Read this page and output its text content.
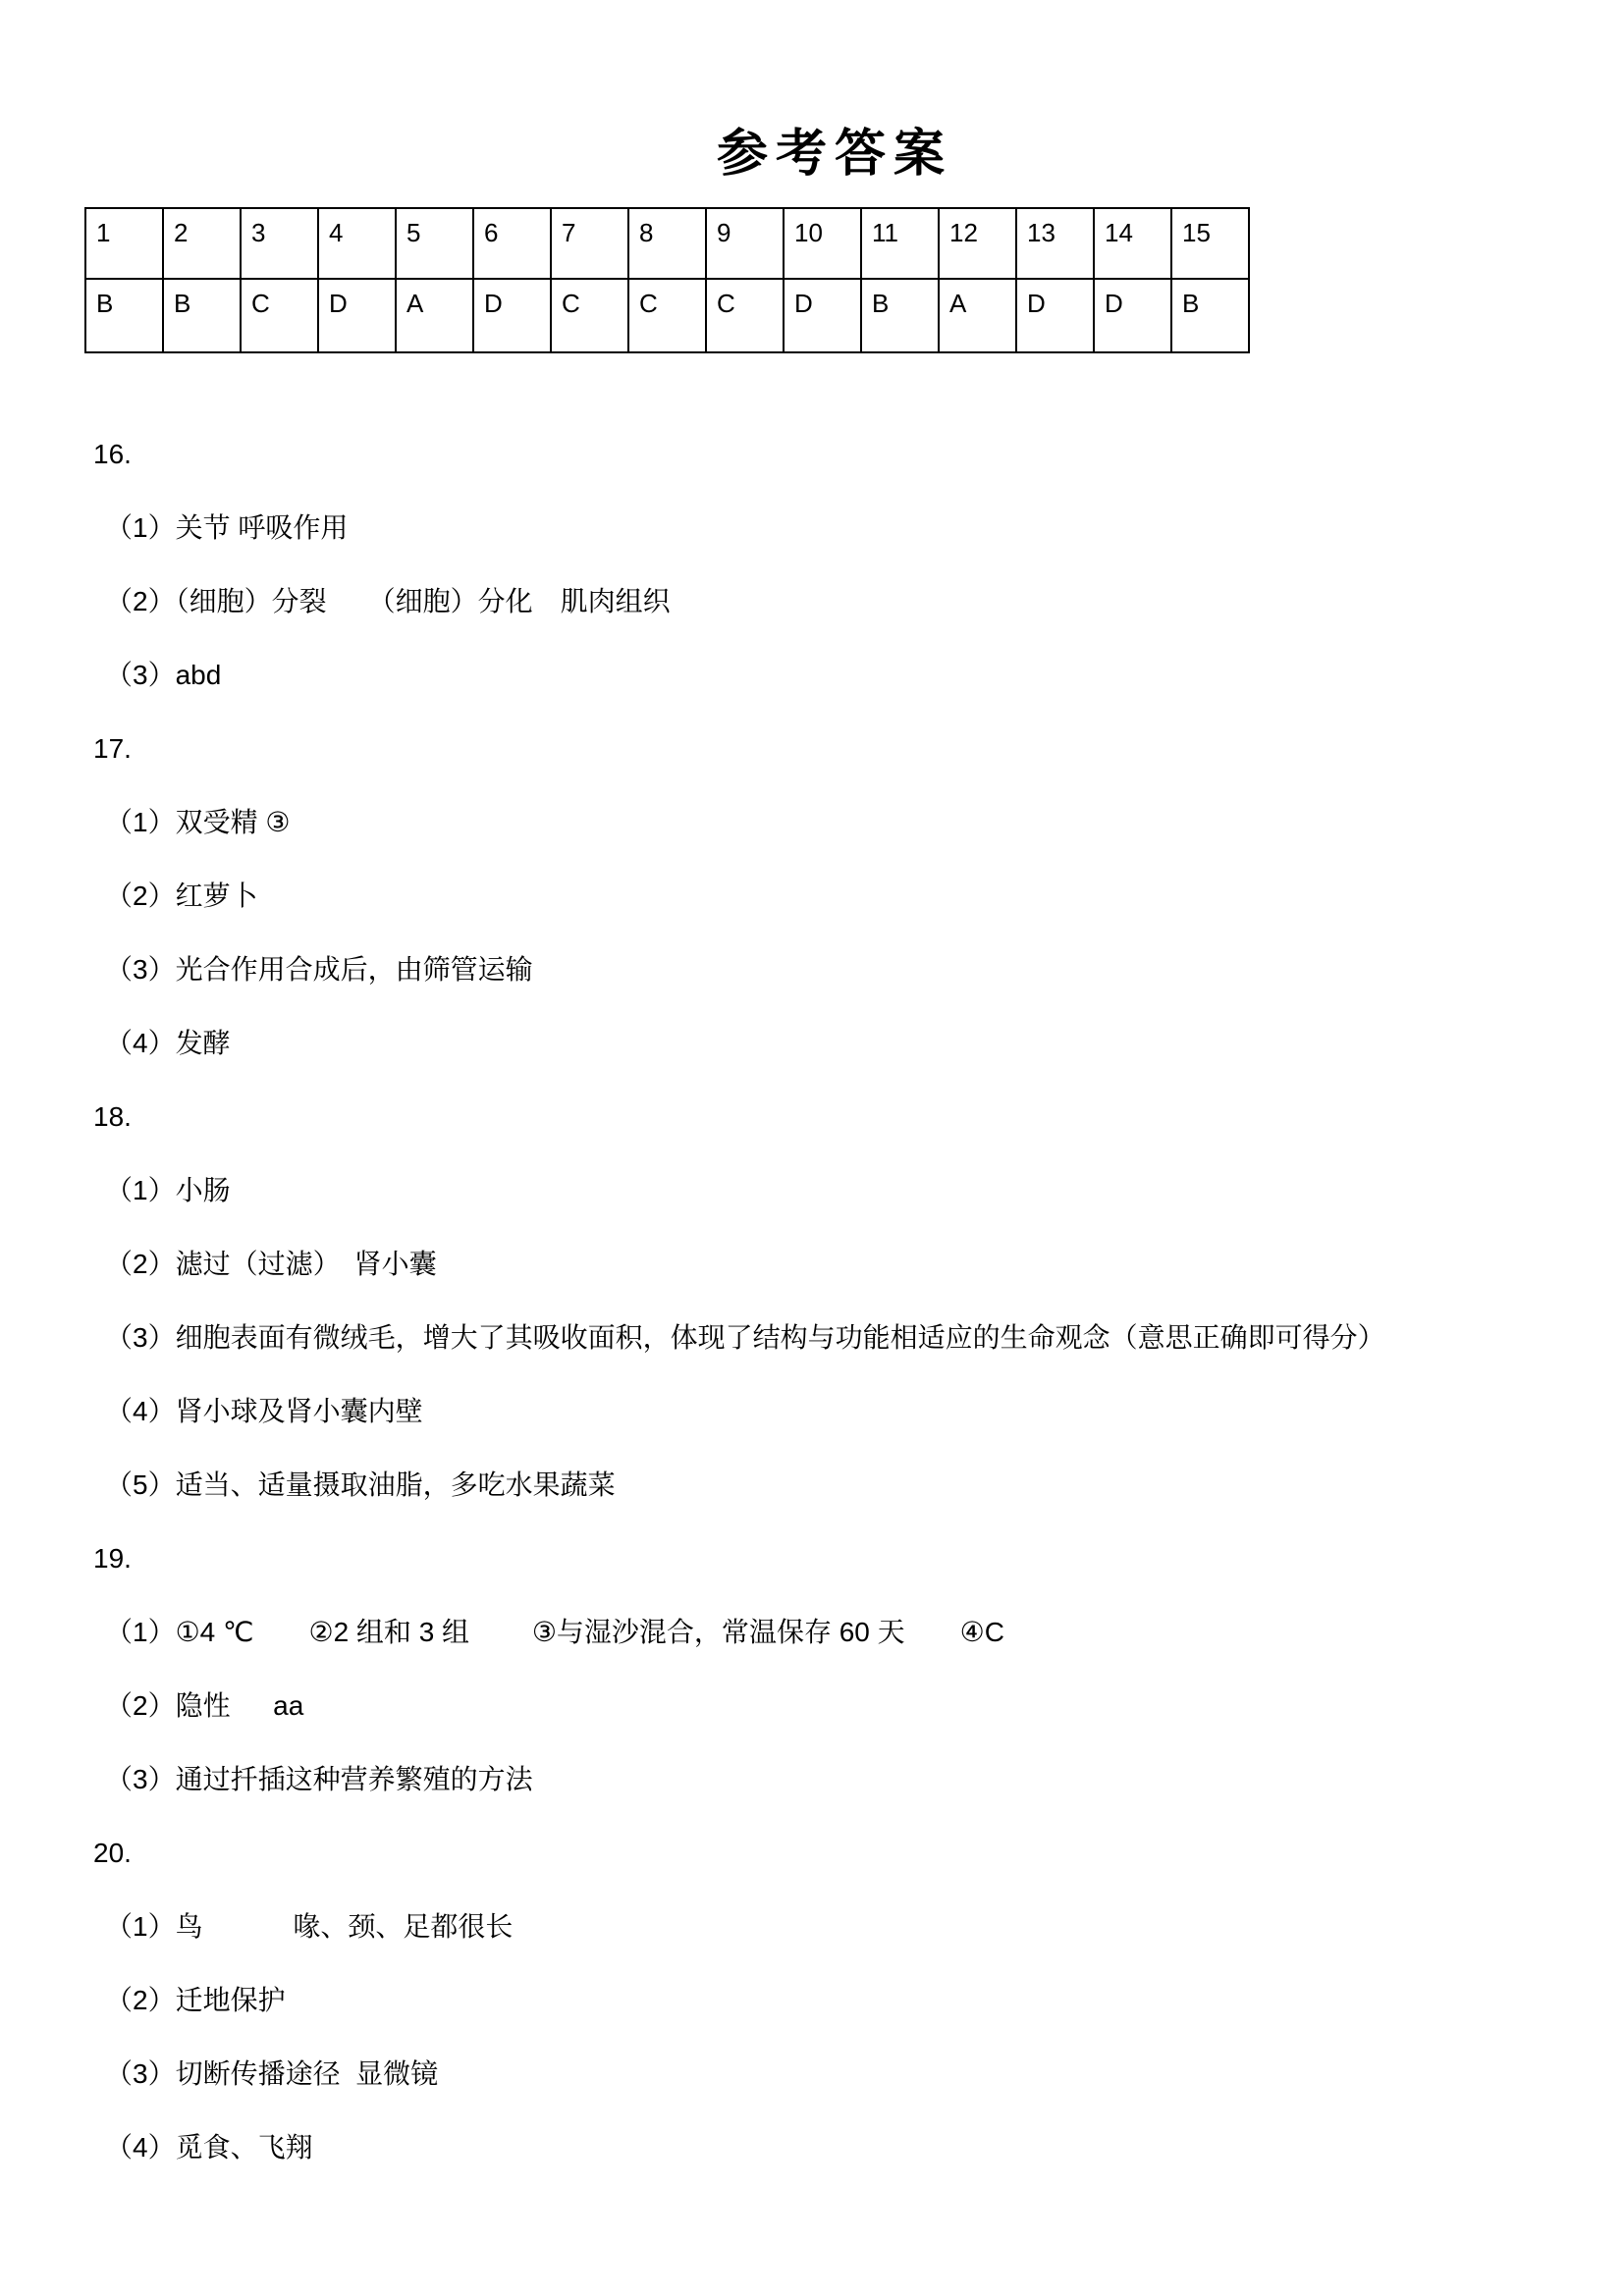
参考答案
1	2	3	4	5	6	7	8	9	10	11	12	13	14	15
B	B	C	D	A	D	C	C	C	D	B	A	D	D	B

16.

（1）关节 呼吸作用

（2）（细胞）分裂　　（细胞）分化　肌肉组织

（3）abd

17.

（1）双受精 ③

（2）红萝卜

（3）光合作用合成后，由筛管运输

（4）发酵

18.

（1）小肠

（2）滤过（过滤）　肾小囊

（3）细胞表面有微绒毛，增大了其吸收面积，体现了结构与功能相适应的生命观念（意思正确即可得分）

（4）肾小球及肾小囊内壁

（5）适当、适量摄取油脂，多吃水果蔬菜

19.

（1）①4 ℃　　②2 组和 3 组　　 ③与湿沙混合，常温保存 60 天　　④C

（2）隐性　  aa

（3）通过扦插这种营养繁殖的方法

20.

（1）鸟　　　 喙、颈、足都很长

（2）迁地保护

（3）切断传播途径  显微镜

（4）觅食、飞翔
